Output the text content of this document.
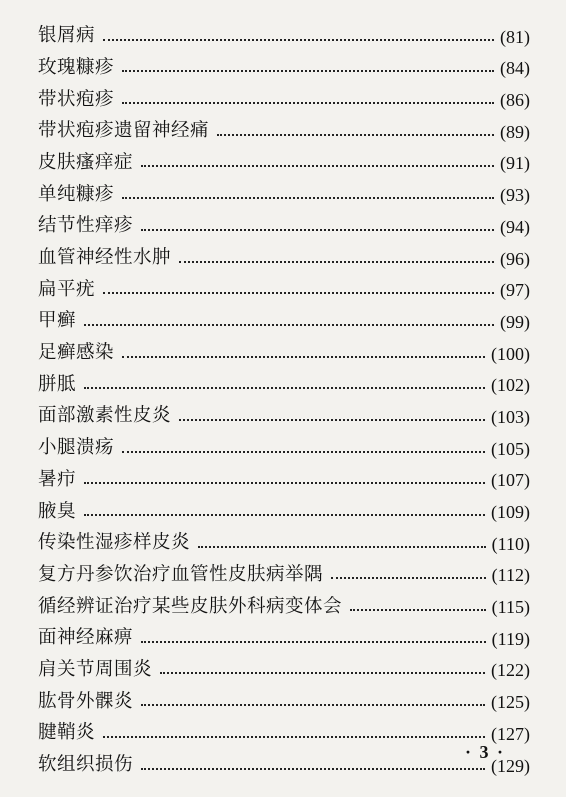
银屑病	(81)
玫瑰糠疹	(84)
带状疱疹	(86)
带状疱疹遗留神经痛	(89)
皮肤瘙痒症	(91)
单纯糠疹	(93)
结节性痒疹	(94)
血管神经性水肿	(96)
扁平疣	(97)
甲癣	(99)
足癣感染	(100)
胼胝	(102)
面部激素性皮炎	(103)
小腿溃疡	(105)
暑疖	(107)
腋臭	(109)
传染性湿疹样皮炎	(110)
复方丹参饮治疗血管性皮肤病举隅	(112)
循经辨证治疗某些皮肤外科病变体会	(115)
面神经麻痹	(119)
肩关节周围炎	(122)
肱骨外髁炎	(125)
腱鞘炎	(127)
软组织损伤	(129)
· 3 ·
